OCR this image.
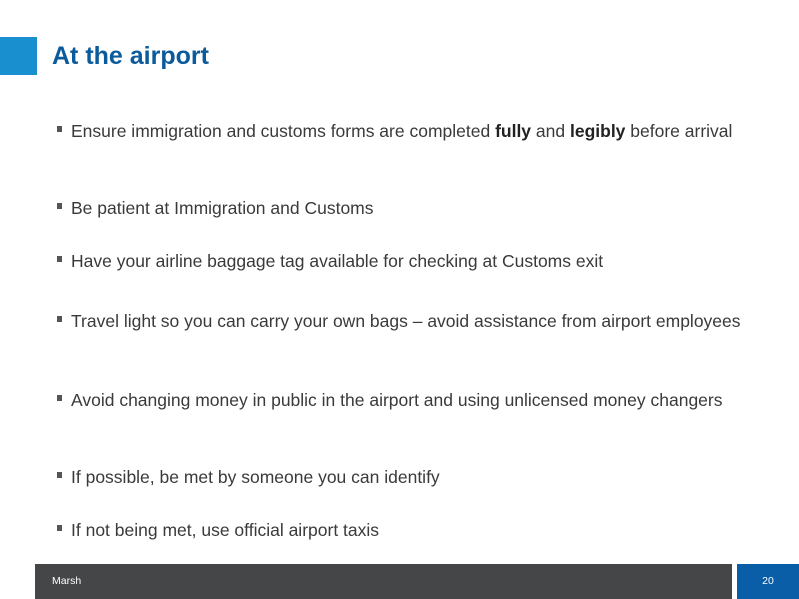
At the airport
Ensure immigration and customs forms are completed fully and legibly before arrival
Be patient at Immigration and Customs
Have your airline baggage tag available for checking at Customs exit
Travel light so you can carry your own bags – avoid assistance from airport employees
Avoid changing money in public in the airport and using unlicensed money changers
If possible, be met by someone you can identify
If not being met, use official airport taxis
Marsh	20
